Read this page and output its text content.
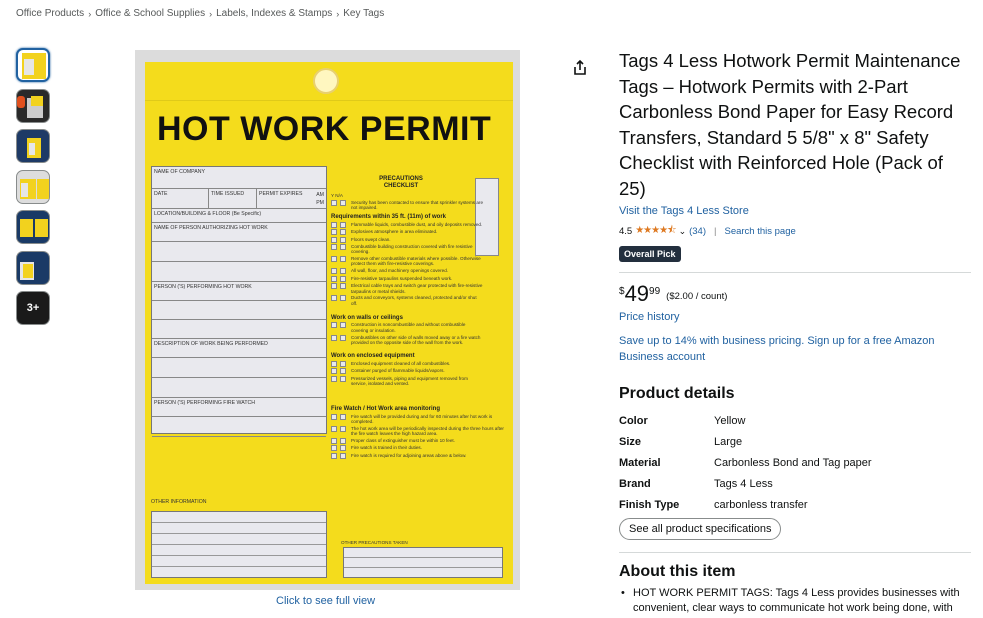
Office Products › Office & School Supplies › Labels, Indexes & Stamps › Key Tags
3+
HOT WORK PERMIT
NAME OF COMPANY
DATE	TIME ISSUED	PERMIT EXPIRES	AM
PM
LOCATION/BUILDING & FLOOR (Be Specific)
NAME OF PERSON AUTHORIZING HOT WORK
PERSON ('S) PERFORMING HOT WORK
DESCRIPTION OF WORK BEING PERFORMED
PERSON ('S) PERFORMING FIRE WATCH
OTHER INFORMATION
PRECAUTIONS
CHECKLIST
Y N/A
Security has been contacted to ensure that sprinkler systems are not impaired.
Requirements within 35 ft. (11m) of work
Flammable liquids, combustible dust, and oily deposits removed.
Explosives atmosphere in area eliminated.
Floors swept clean.
Combustible building construction covered with fire resistive covering.
Remove other combustible materials where possible. Otherwise protect them with fire-resistive coverings.
All wall, floor, and machinery openings covered.
Fire-resistive tarpaulins suspended beneath work.
Electrical cable trays and switch gear protected with fire-resistive tarpaulins or metal shields.
Ducts and conveyors, systems cleaned, protected and/or shut off.
Work on walls or ceilings
Construction is noncombustible and without combustible covering or insulation.
Combustibles on other side of walls moved away or a fire watch provided on the opposite side of the wall from the work.
Work on enclosed equipment
Enclosed equipment cleaned of all combustibles.
Container purged of flammable liquids/vapors.
Pressurized vessels, piping and equipment removed from service, isolated and vented.
Fire Watch / Hot Work area monitoring
Fire watch will be provided during and for 60 minutes after hot work is completed.
The hot work area will be periodically inspected during the three hours after the fire watch leaves the high hazard area.
Proper class of extinguisher must be within 10 feet.
Fire watch is trained in their duties.
Fire watch is required for adjoining areas above & below.
OTHER PRECAUTIONS TAKEN
Click to see full view
Tags 4 Less Hotwork Permit Maintenance Tags – Hotwork Permits with 2-Part Carbonless Bond Paper for Easy Record Transfers, Standard 5 5/8" x 8" Safety Checklist with Reinforced Hole (Pack of 25)
Visit the Tags 4 Less Store
4.5 ★★★★⯪ ⌄ (34) | Search this page
Overall Pick
$ 49 99 ($2.00 / count)
Price history
Save up to 14% with business pricing. Sign up for a free Amazon Business account
Product details
Color	Yellow
Size	Large
Material	Carbonless Bond and Tag paper
Brand	Tags 4 Less
Finish Type	carbonless transfer
See all product specifications
About this item
• HOT WORK PERMIT TAGS: Tags 4 Less provides businesses with convenient, clear ways to communicate hot work being done, with
